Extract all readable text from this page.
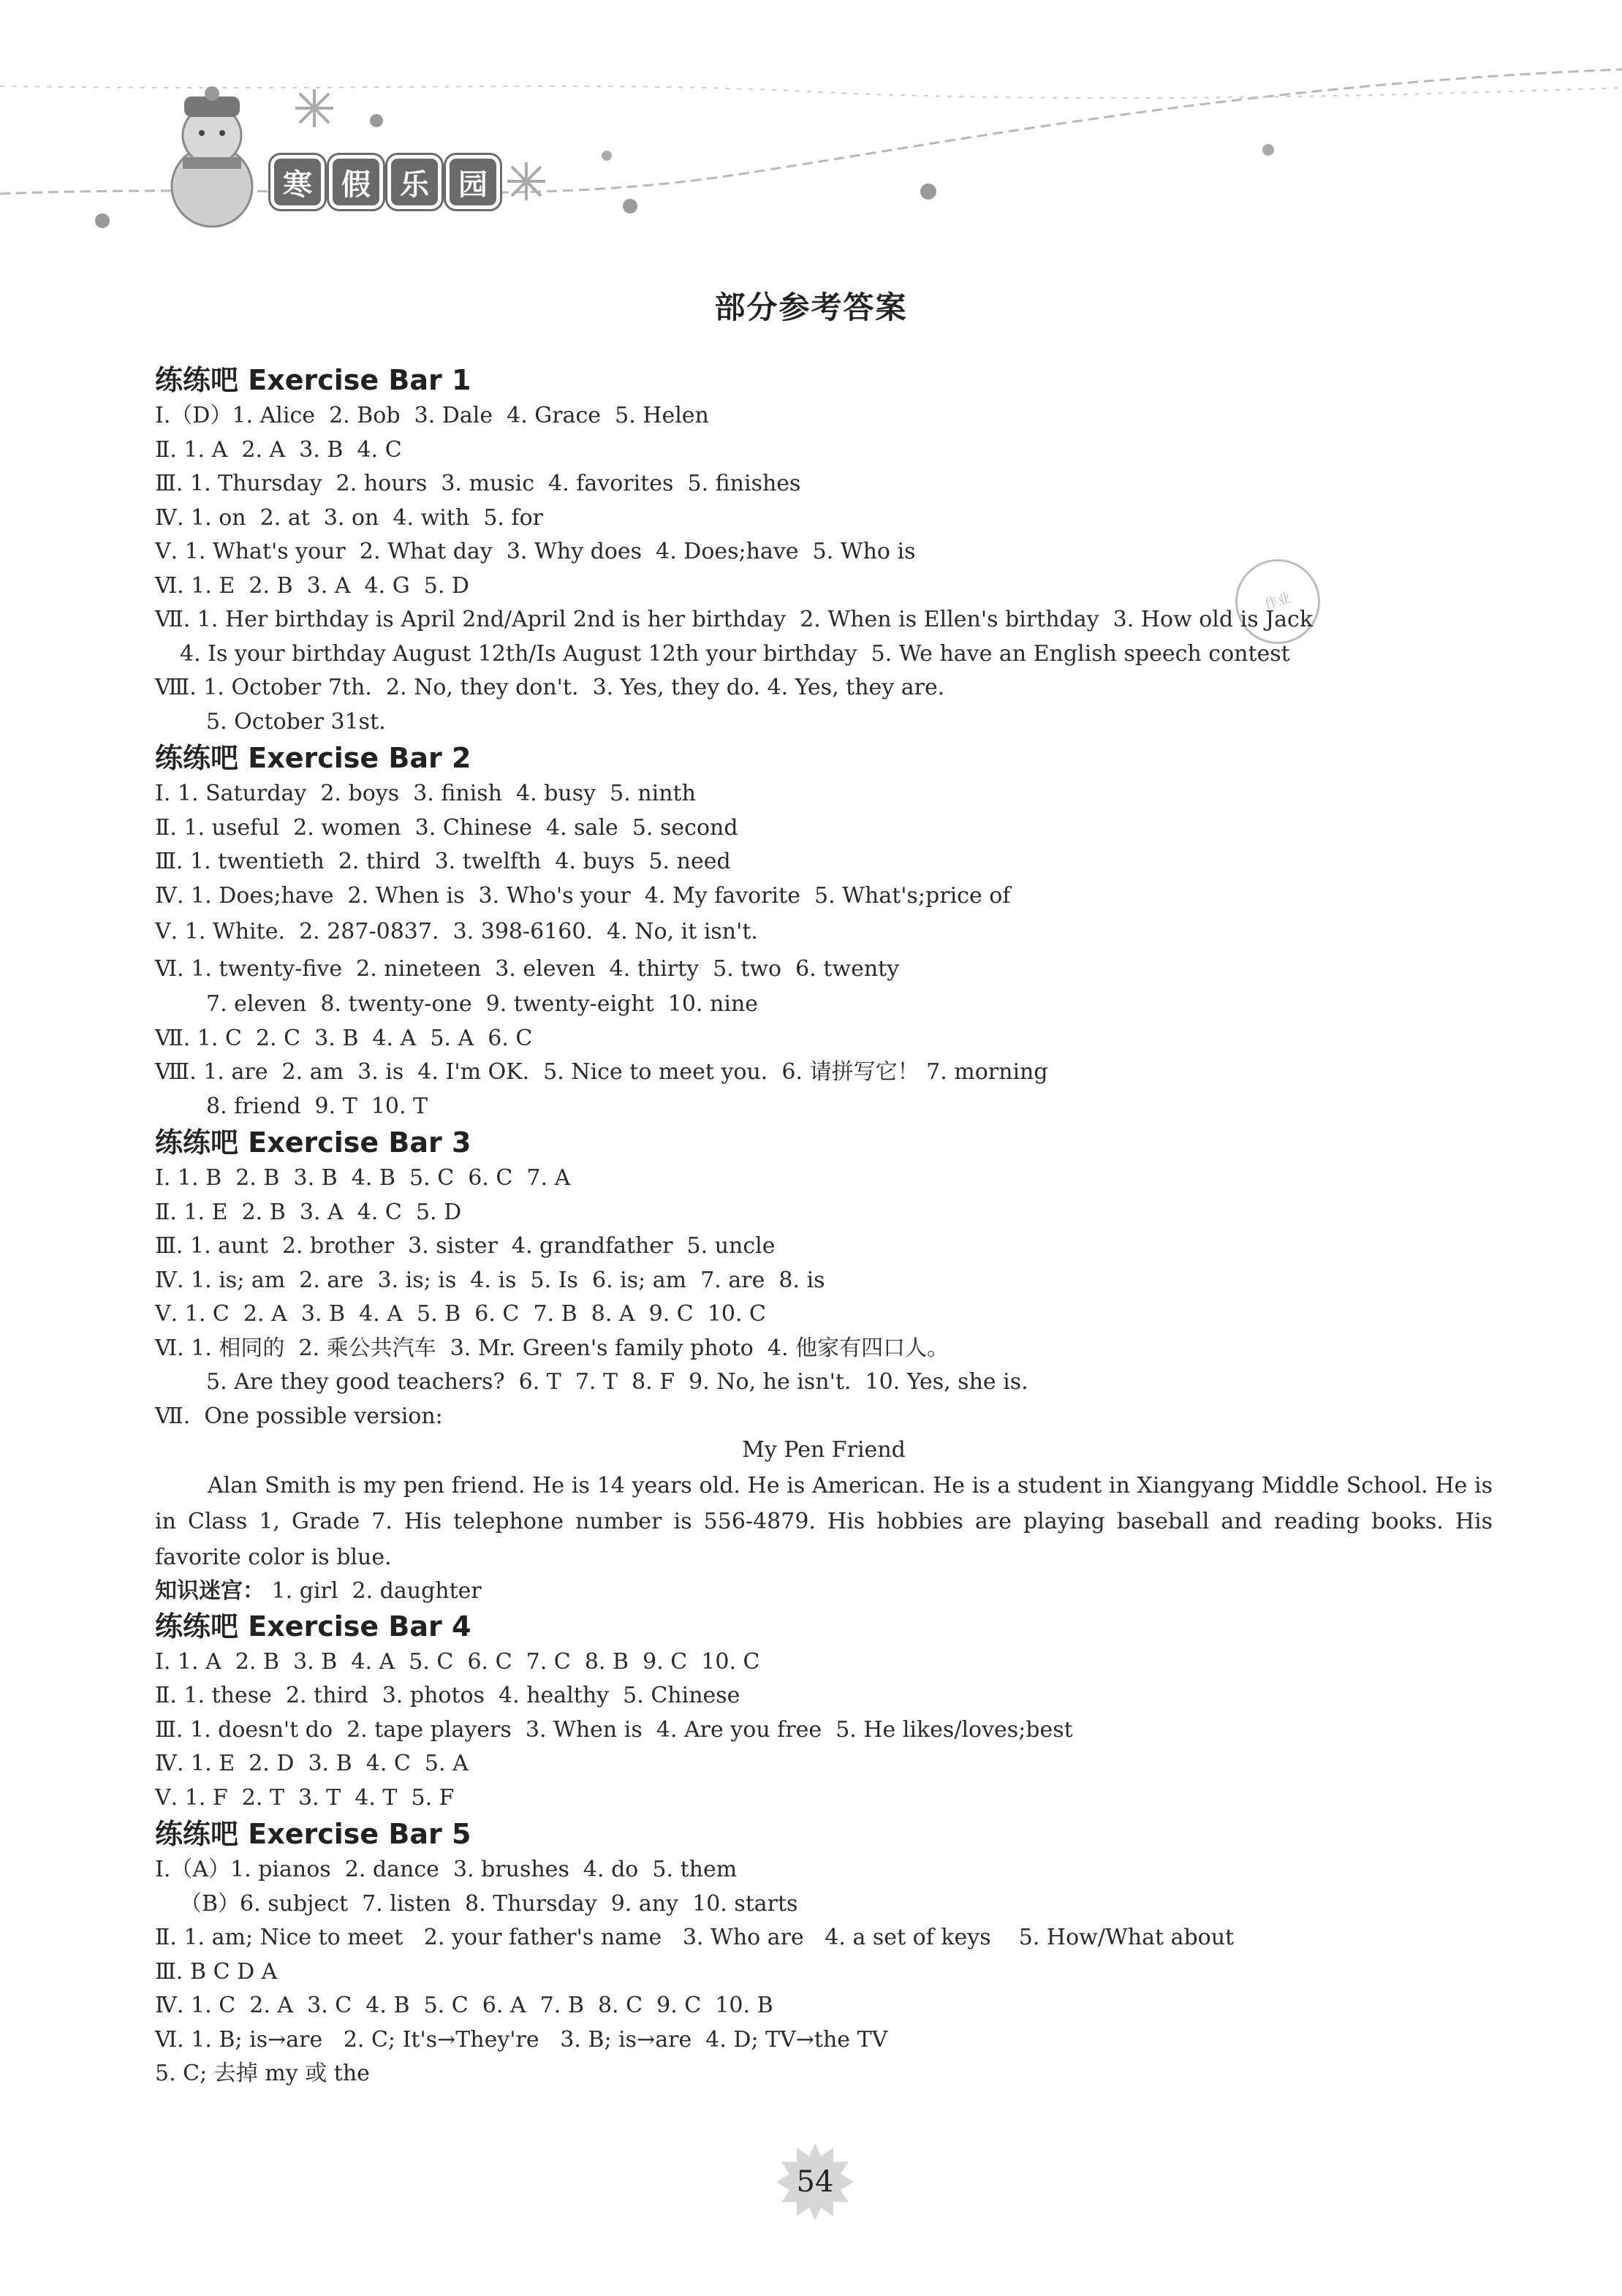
寒	假	乐	园
部分参考答案
作业
练练吧 Exercise Bar 1
Ⅰ.（D）1. Alice  2. Bob  3. Dale  4. Grace  5. Helen
Ⅱ. 1. A  2. A  3. B  4. C
Ⅲ. 1. Thursday  2. hours  3. music  4. favorites  5. finishes
Ⅳ. 1. on  2. at  3. on  4. with  5. for
Ⅴ. 1. What's your  2. What day  3. Why does  4. Does;have  5. Who is
Ⅵ. 1. E  2. B  3. A  4. G  5. D
Ⅶ. 1. Her birthday is April 2nd/April 2nd is her birthday  2. When is Ellen's birthday  3. How old is Jack
4. Is your birthday August 12th/Is August 12th your birthday  5. We have an English speech contest
Ⅷ. 1. October 7th.  2. No, they don't.  3. Yes, they do. 4. Yes, they are.
5. October 31st.
练练吧 Exercise Bar 2
Ⅰ. 1. Saturday  2. boys  3. finish  4. busy  5. ninth
Ⅱ. 1. useful  2. women  3. Chinese  4. sale  5. second
Ⅲ. 1. twentieth  2. third  3. twelfth  4. buys  5. need
Ⅳ. 1. Does;have  2. When is  3. Who's your  4. My favorite  5. What's;price of
Ⅴ. 1. White.  2. 287-0837.  3. 398-6160.  4. No, it isn't.
Ⅵ. 1. twenty-five  2. nineteen  3. eleven  4. thirty  5. two  6. twenty
7. eleven  8. twenty-one  9. twenty-eight  10. nine
Ⅶ. 1. C  2. C  3. B  4. A  5. A  6. C
Ⅷ. 1. are  2. am  3. is  4. I'm OK.  5. Nice to meet you.  6. 请拼写它！ 7. morning
8. friend  9. T  10. T
练练吧 Exercise Bar 3
Ⅰ. 1. B  2. B  3. B  4. B  5. C  6. C  7. A
Ⅱ. 1. E  2. B  3. A  4. C  5. D
Ⅲ. 1. aunt  2. brother  3. sister  4. grandfather  5. uncle
Ⅳ. 1. is; am  2. are  3. is; is  4. is  5. Is  6. is; am  7. are  8. is
Ⅴ. 1. C  2. A  3. B  4. A  5. B  6. C  7. B  8. A  9. C  10. C
Ⅵ. 1. 相同的  2. 乘公共汽车  3. Mr. Green's family photo  4. 他家有四口人。
5. Are they good teachers?  6. T  7. T  8. F  9. No, he isn't.  10. Yes, she is.
Ⅶ.  One possible version:
My Pen Friend

Alan Smith is my pen friend. He is 14 years old. He is American. He is a student in Xiangyang Middle School. He is in Class 1, Grade 7. His telephone number is 556-4879. His hobbies are playing baseball and reading books. His favorite color is blue.

知识迷宫： 1. girl  2. daughter
练练吧 Exercise Bar 4
Ⅰ. 1. A  2. B  3. B  4. A  5. C  6. C  7. C  8. B  9. C  10. C
Ⅱ. 1. these  2. third  3. photos  4. healthy  5. Chinese
Ⅲ. 1. doesn't do  2. tape players  3. When is  4. Are you free  5. He likes/loves;best
Ⅳ. 1. E  2. D  3. B  4. C  5. A
Ⅴ. 1. F  2. T  3. T  4. T  5. F
练练吧 Exercise Bar 5
Ⅰ.（A）1. pianos  2. dance  3. brushes  4. do  5. them
（B）6. subject  7. listen  8. Thursday  9. any  10. starts
Ⅱ. 1. am; Nice to meet   2. your father's name   3. Who are   4. a set of keys    5. How/What about
Ⅲ. B C D A
Ⅳ. 1. C  2. A  3. C  4. B  5. C  6. A  7. B  8. C  9. C  10. B
Ⅵ. 1. B; is→are   2. C; It's→They're   3. B; is→are  4. D; TV→the TV
5. C; 去掉 my 或 the
54
